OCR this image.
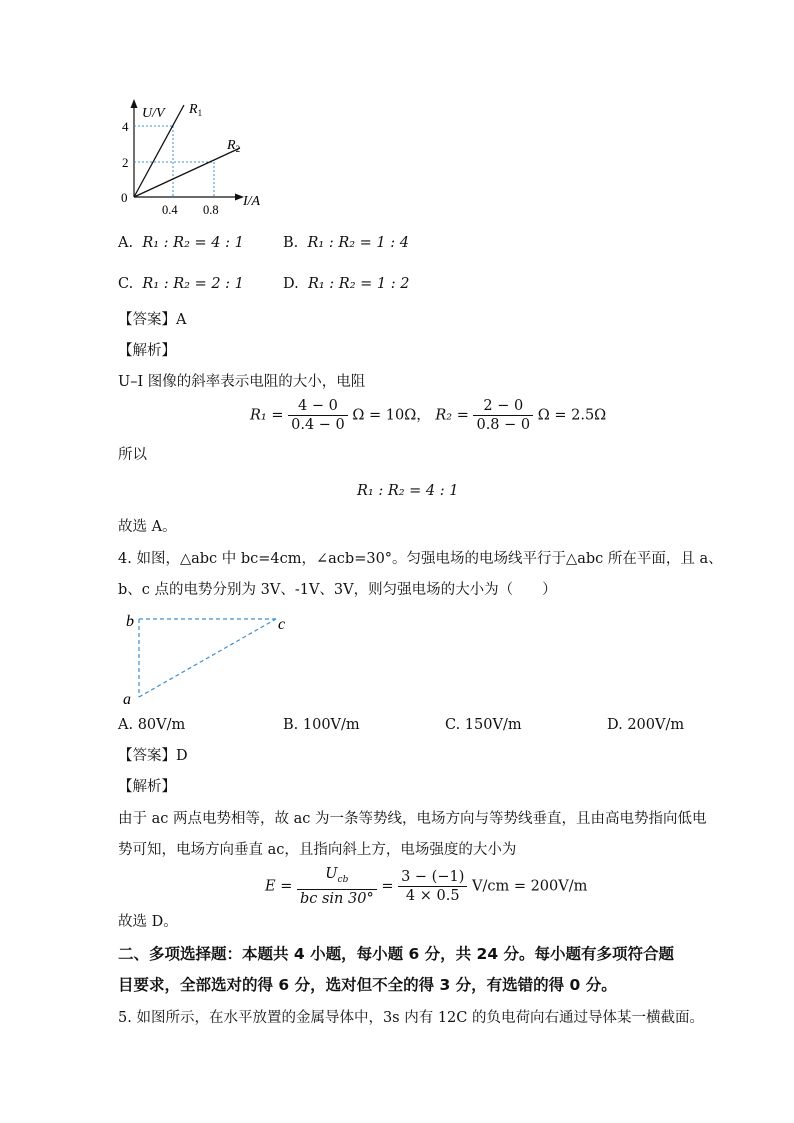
U/V
I/A
0
4
2
0.4 0.8
$R_1$
$R_2$
A. R₁ : R₂ = 4 : 1	B. R₁ : R₂ = 1 : 4
C. R₁ : R₂ = 2 : 1	D. R₁ : R₂ = 1 : 2
【答案】A
【解析】
U–I 图像的斜率表示电阻的大小，电阻
$R_1 = \frac{4 - 0}{0.4 - 0}$ Ω = 10Ω， $R_2 = \frac{2 - 0}{0.8 - 0}$ Ω = 2.5Ω
所以
R₁ : R₂ = 4 : 1
故选 A。
4. 如图，△abc 中 bc=4cm，∠acb=30°。匀强电场的电场线平行于△abc 所在平面，且 a、
b、c 点的电势分别为 3V、-1V、3V，则匀强电场的大小为（　　）
b	c
a
A. 80V/m	B. 100V/m	C. 150V/m	D. 200V/m
【答案】D
【解析】
由于 ac 两点电势相等，故 ac 为一条等势线，电场方向与等势线垂直，且由高电势指向低电
势可知，电场方向垂直 ac，且指向斜上方，电场强度的大小为
$E = \frac{U_{cb}}{\text{bc sin 30°}} = \frac{3 - (-1)}{4 \times 0.5} V/cm = 200V/m$
故选 D。
二、多项选择题：本题共 4 小题，每小题 6 分，共 24 分。每小题有多项符合题
目要求，全部选对的得 6 分，选对但不全的得 3 分，有选错的得 0 分。
5. 如图所示，在水平放置的金属导体中，3s 内有 12C 的负电荷向右通过导体某一横截面。
